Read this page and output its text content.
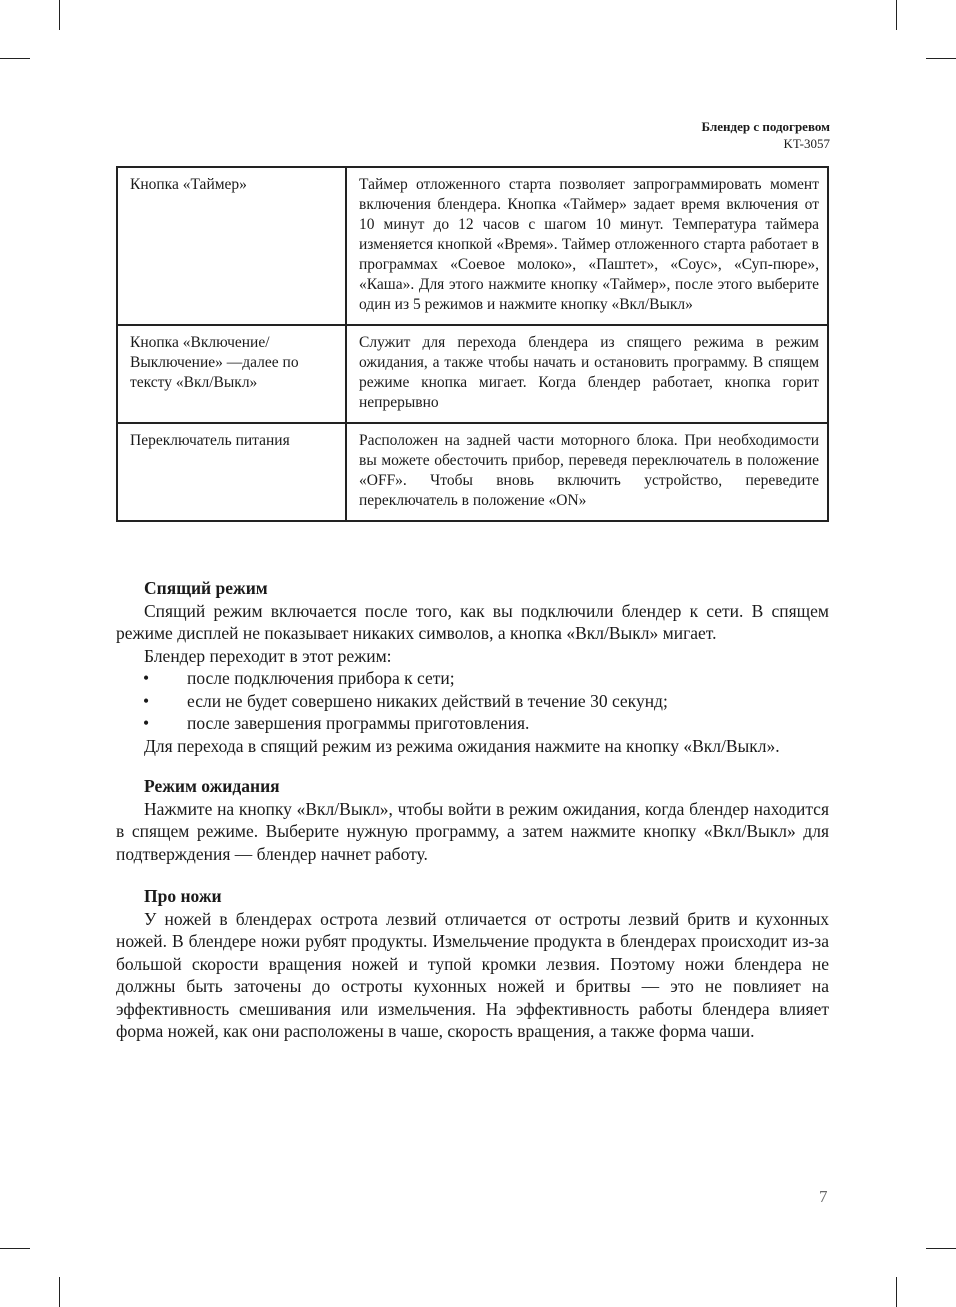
Блендер с подогревом
KT-3057
Кнопка «Таймер»	Таймер отложенного старта позволяет запрограммировать момент включения блендера. Кнопка «Таймер» задает время включения от 10 минут до 12 часов с шагом 10 минут. Температура таймера изменяется кнопкой «Время». Таймер отложенного старта работает в программах «Соевое молоко», «Паштет», «Соус», «Суп-пюре», «Каша». Для этого нажмите кнопку «Таймер», после этого выберите один из 5 режимов и нажмите кнопку «Вкл/Выкл»
Кнопка «Включение/Выключение» —далее по тексту «Вкл/Выкл»	Служит для перехода блендера из спящего режима в режим ожидания, а также чтобы начать и остановить программу. В спящем режиме кнопка мигает. Когда блендер работает, кнопка горит непрерывно
Переключатель питания	Расположен на задней части моторного блока. При необходимости вы можете обесточить прибор, переведя переключатель в положение «OFF». Чтобы вновь включить устройство, переведите переключатель в положение «ON»
Спящий режим

Спящий режим включается после того, как вы подключили блендер к сети. В спящем режиме дисплей не показывает никаких символов, а кнопка «Вкл/Выкл» мигает.

Блендер переходит в этот режим:

• после подключения прибора к сети;
• если не будет совершено никаких действий в течение 30 секунд;
• после завершения программы приготовления.

Для перехода в спящий режим из режима ожидания нажмите на кнопку «Вкл/Выкл».

Режим ожидания

Нажмите на кнопку «Вкл/Выкл», чтобы войти в режим ожидания, когда блендер находится в спящем режиме. Выберите нужную программу, а затем нажмите кнопку «Вкл/Выкл» для подтверждения — блендер начнет работу.

Про ножи

У ножей в блендерах острота лезвий отличается от остроты лезвий бритв и кухонных ножей. В блендере ножи рубят продукты. Измельчение продукта в блендерах происходит из-за большой скорости вращения ножей и тупой кромки лезвия. Поэтому ножи блендера не должны быть заточены до остроты кухонных ножей и бритвы — это не повлияет на эффективность смешивания или измельчения. На эффективность работы блендера влияет форма ножей, как они расположены в чаше, скорость вращения, а также форма чаши.

7
